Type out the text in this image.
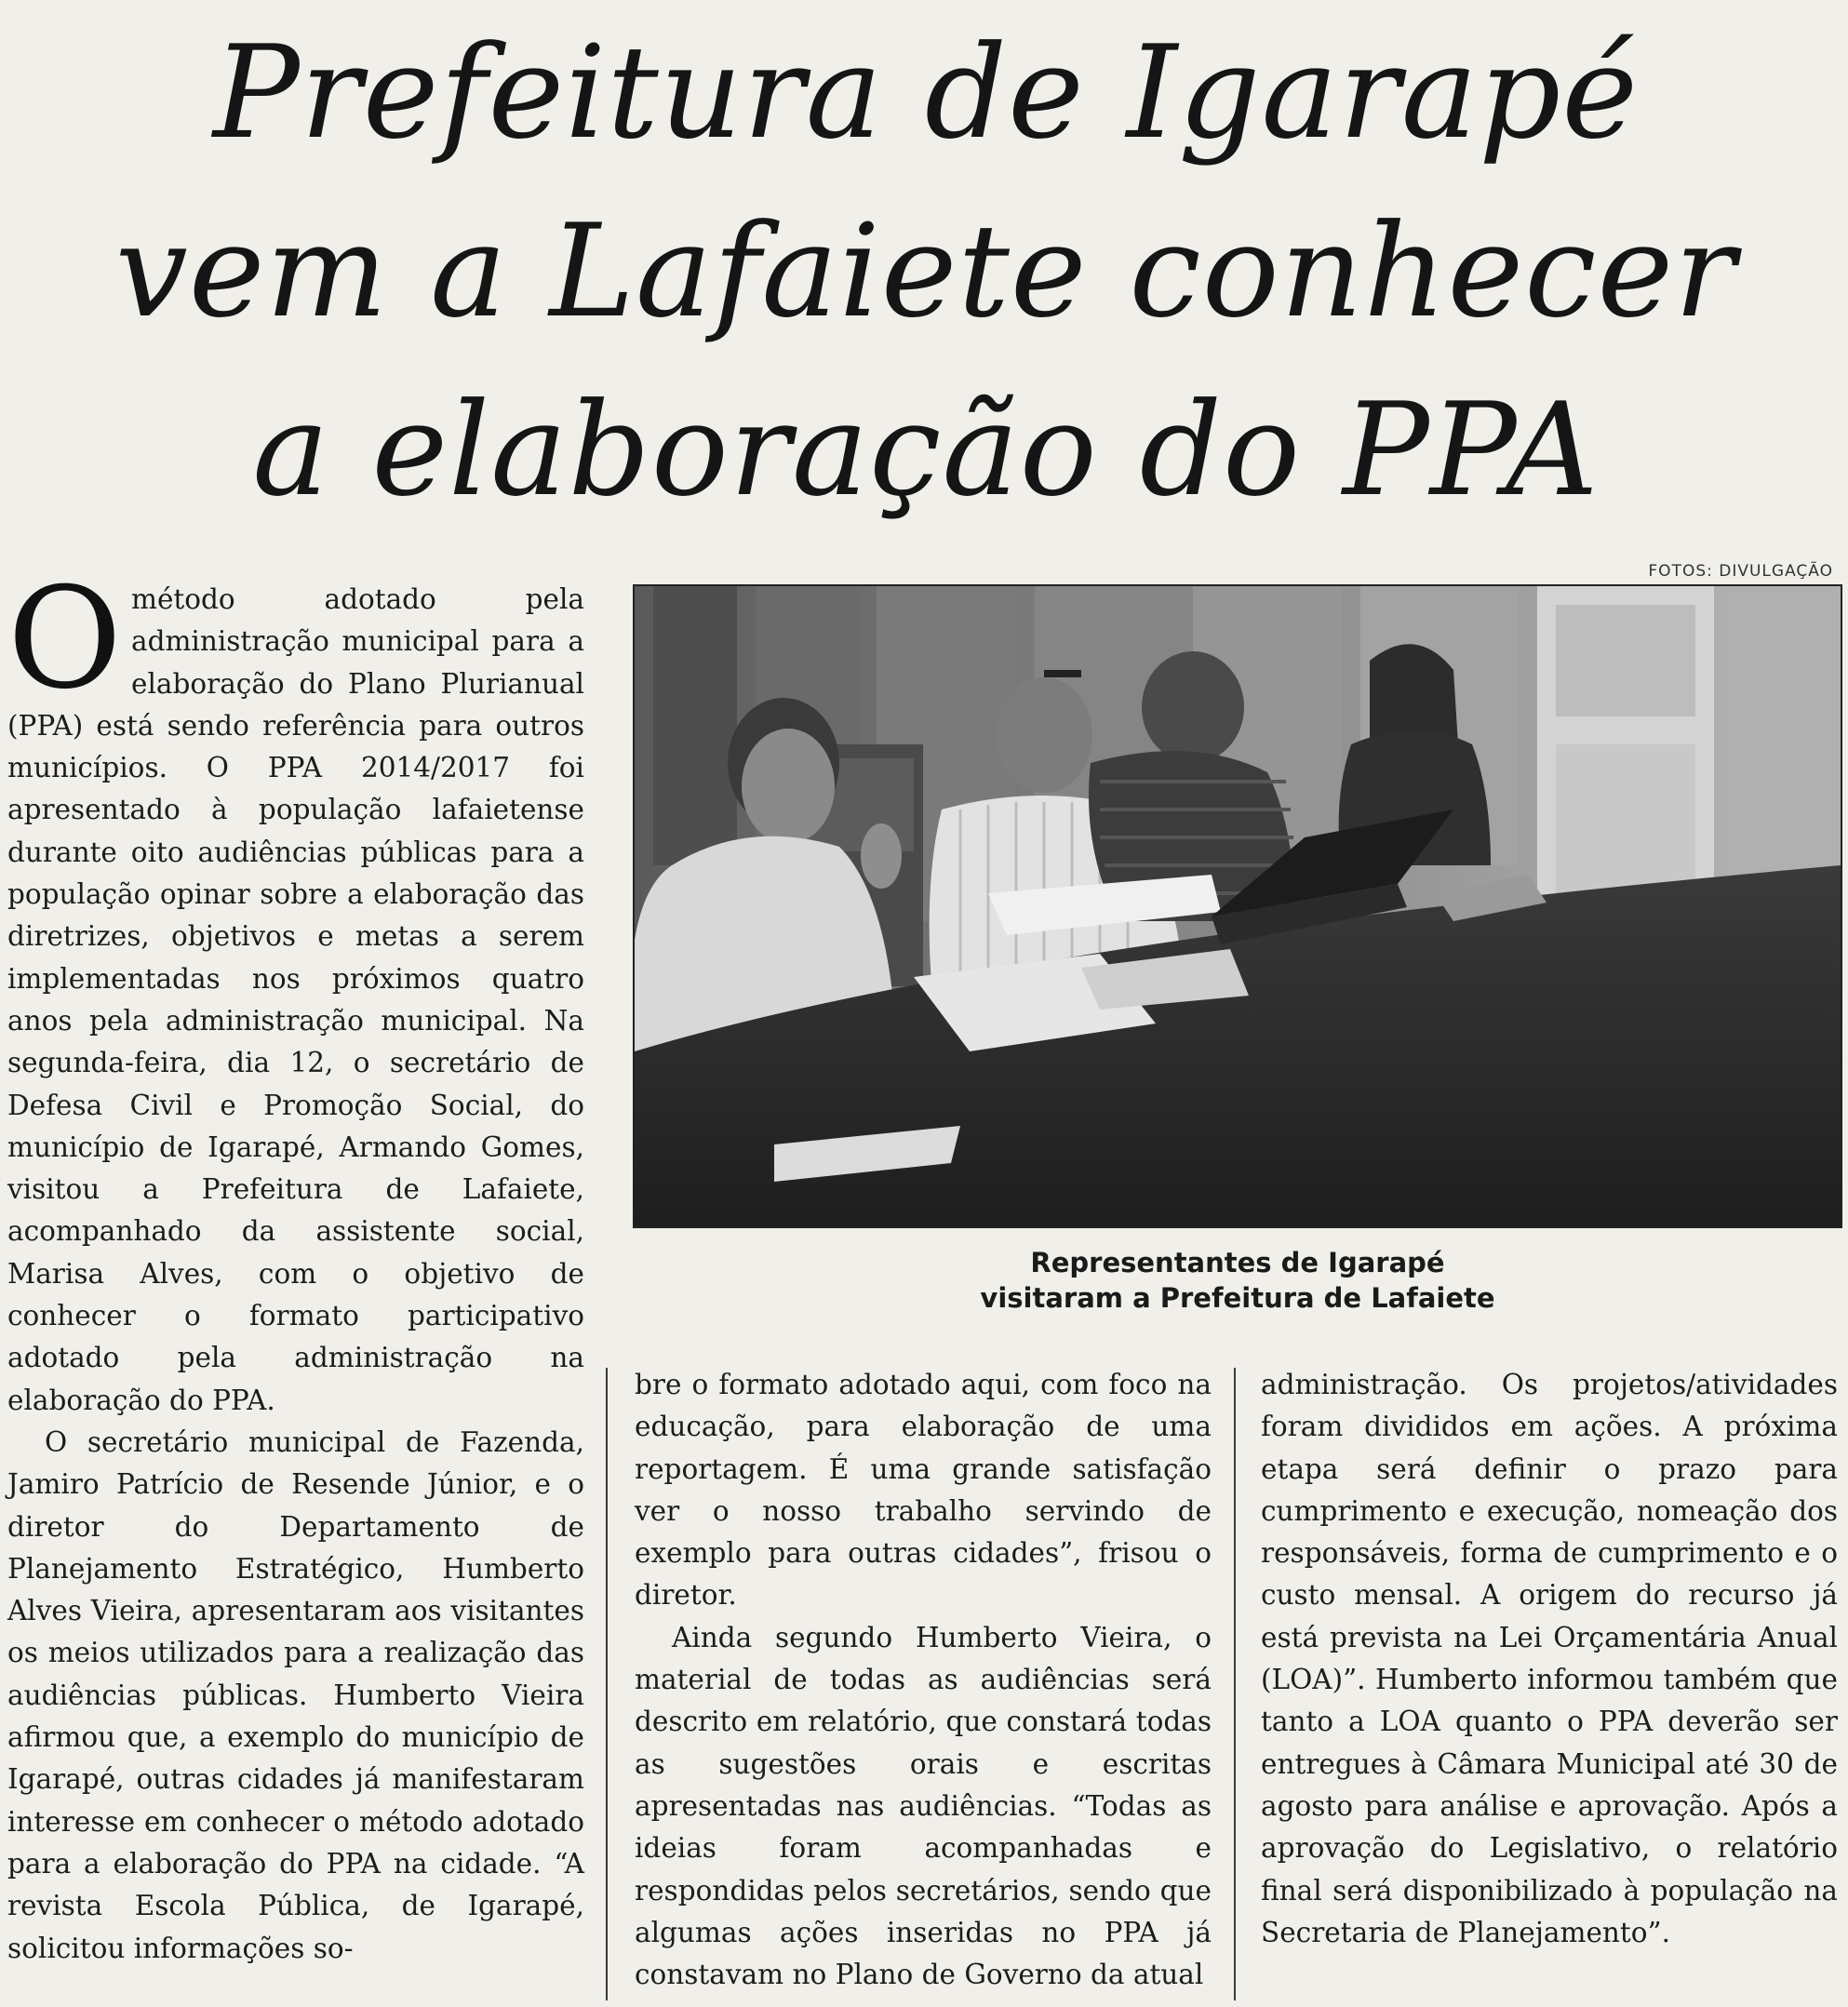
Prefeitura de Igarapé
vem a Lafaiete conhecer
a elaboração do PPA
FOTOS: DIVULGAÇÃO
Representantes de Igarapé
visitaram a Prefeitura de Lafaiete
O método adotado pela administração municipal para a elaboração do Plano Plurianual (PPA) está sendo referência para outros municípios. O PPA 2014/2017 foi apresentado à população lafaietense durante oito audiências públicas para a população opinar sobre a elaboração das diretrizes, objetivos e metas a serem implementadas nos próximos quatro anos pela administração municipal. Na segunda-feira, dia 12, o secretário de Defesa Civil e Promoção Social, do município de Igarapé, Armando Gomes, visitou a Prefeitura de Lafaiete, acompanhado da assistente social, Marisa Alves, com o objetivo de conhecer o formato participativo adotado pela administração na elaboração do PPA.

O secretário municipal de Fazenda, Jamiro Patrício de Resende Júnior, e o diretor do Departamento de Planejamento Estratégico, Humberto Alves Vieira, apresentaram aos visitantes os meios utilizados para a realização das audiências públicas. Humberto Vieira afirmou que, a exemplo do município de Igarapé, outras cidades já manifestaram interesse em conhecer o método adotado para a elaboração do PPA na cidade. “A revista Escola Pública, de Igarapé, solicitou informações so-

bre o formato adotado aqui, com foco na educação, para elaboração de uma reportagem. É uma grande satisfação ver o nosso trabalho servindo de exemplo para outras cidades”, frisou o diretor.

Ainda segundo Humberto Vieira, o material de todas as audiências será descrito em relatório, que constará todas as sugestões orais e escritas apresentadas nas audiências. “Todas as ideias foram acompanhadas e respondidas pelos secretários, sendo que algumas ações inseridas no PPA já constavam no Plano de Governo da atual

administração. Os projetos/atividades foram divididos em ações. A próxima etapa será definir o prazo para cumprimento e execução, nomeação dos responsáveis, forma de cumprimento e o custo mensal. A origem do recurso já está prevista na Lei Orçamentária Anual (LOA)”. Humberto informou também que tanto a LOA quanto o PPA deverão ser entregues à Câmara Municipal até 30 de agosto para análise e aprovação. Após a aprovação do Legislativo, o relatório final será disponibilizado à população na Secretaria de Planejamento”.
